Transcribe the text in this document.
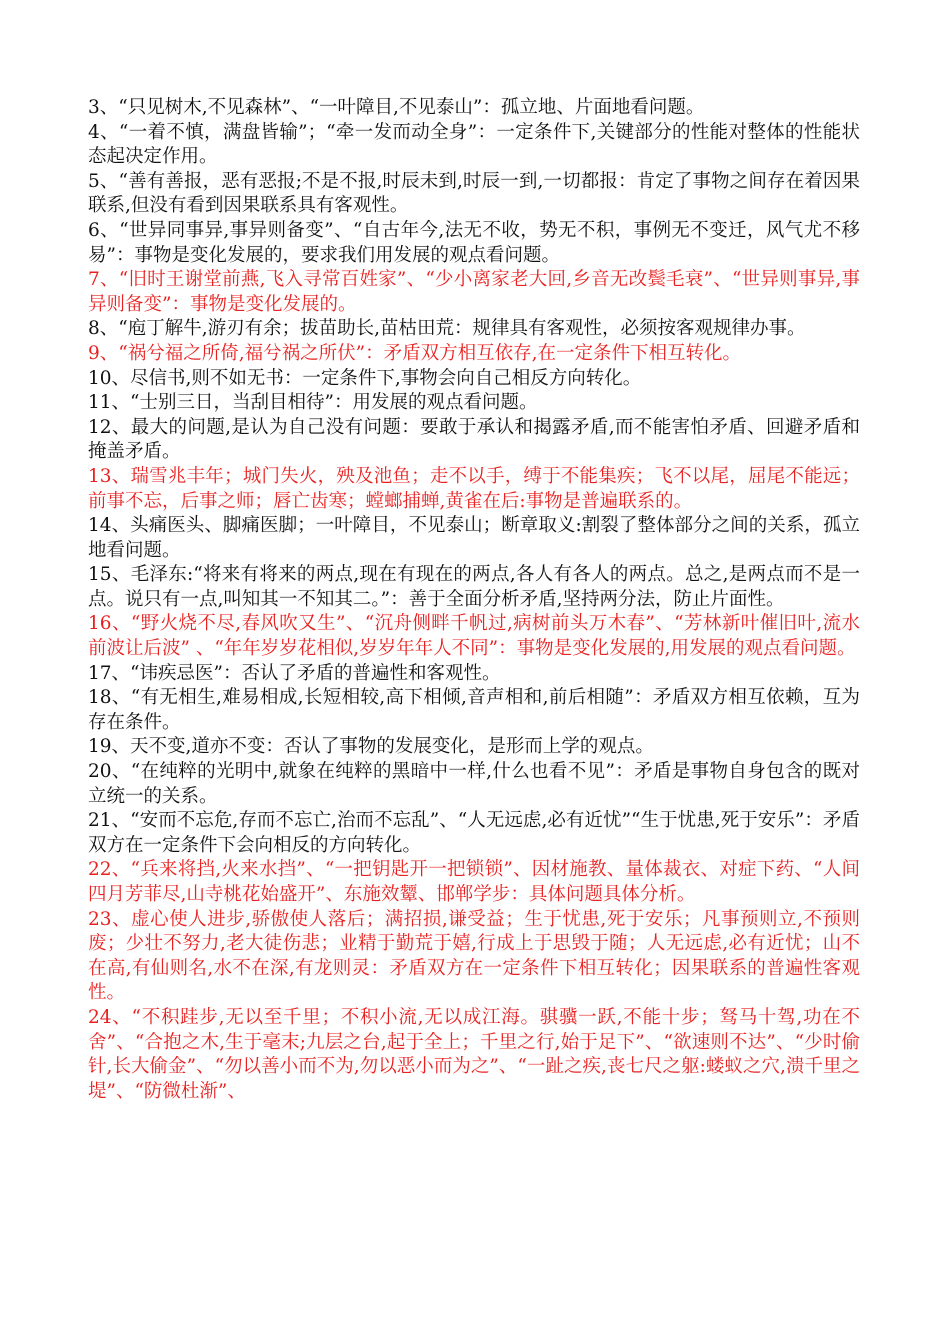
3、“只见树木,不见森林”、“一叶障目,不见泰山”：孤立地、片面地看问题。

4、“一着不慎，满盘皆输”；“牵一发而动全身”：一定条件下,关键部分的性能对整体的性能状态起决定作用。

5、“善有善报，恶有恶报;不是不报,时辰未到,时辰一到,一切都报：肯定了事物之间存在着因果联系,但没有看到因果联系具有客观性。

6、“世异同事异,事异则备变”、“自古年今,法无不收，势无不积，事例无不变迁，风气尤不移易”：事物是变化发展的，要求我们用发展的观点看问题。

7、“旧时王谢堂前燕,飞入寻常百姓家”、“少小离家老大回,乡音无改鬓毛衰”、“世异则事异,事异则备变”：事物是变化发展的。

8、“庖丁解牛,游刃有余；拔苗助长,苗枯田荒：规律具有客观性，必须按客观规律办事。

9、“祸兮福之所倚,福兮祸之所伏”：矛盾双方相互依存,在一定条件下相互转化。

10、尽信书,则不如无书：一定条件下,事物会向自己相反方向转化。

11、“士别三日，当刮目相待”：用发展的观点看问题。

12、最大的问题,是认为自己没有问题：要敢于承认和揭露矛盾,而不能害怕矛盾、回避矛盾和掩盖矛盾。

13、瑞雪兆丰年；城门失火，殃及池鱼；走不以手，缚于不能集疾；飞不以尾，屈尾不能远；前事不忘，后事之师；唇亡齿寒；螳螂捕蝉,黄雀在后:事物是普遍联系的。

14、头痛医头、脚痛医脚；一叶障目，不见泰山；断章取义:割裂了整体部分之间的关系，孤立地看问题。

15、毛泽东:“将来有将来的两点,现在有现在的两点,各人有各人的两点。总之,是两点而不是一点。说只有一点,叫知其一不知其二。”：善于全面分析矛盾,坚持两分法，防止片面性。

16、“野火烧不尽,春风吹又生”、“沉舟侧畔千帆过,病树前头万木春”、“芳林新叶催旧叶,流水前波让后波” 、“年年岁岁花相似,岁岁年年人不同”：事物是变化发展的,用发展的观点看问题。

17、“讳疾忌医”：否认了矛盾的普遍性和客观性。

18、“有无相生,难易相成,长短相较,高下相倾,音声相和,前后相随”：矛盾双方相互依赖，互为存在条件。

19、天不变,道亦不变：否认了事物的发展变化，是形而上学的观点。

20、“在纯粹的光明中,就象在纯粹的黑暗中一样,什么也看不见”：矛盾是事物自身包含的既对立统一的关系。

21、“安而不忘危,存而不忘亡,治而不忘乱”、“人无远虑,必有近忧”“生于忧患,死于安乐”：矛盾双方在一定条件下会向相反的方向转化。

22、“兵来将挡,火来水挡”、“一把钥匙开一把锁锁”、因材施教、量体裁衣、对症下药、“人间四月芳菲尽,山寺桃花始盛开”、东施效颦、邯郸学步：具体问题具体分析。

23、虚心使人进步,骄傲使人落后；满招损,谦受益；生于忧患,死于安乐；凡事预则立,不预则废；少壮不努力,老大徒伤悲；业精于勤荒于嬉,行成上于思毁于随；人无远虑,必有近忧；山不在高,有仙则名,水不在深,有龙则灵：矛盾双方在一定条件下相互转化；因果联系的普遍性客观性。

24、“不积跬步,无以至千里；不积小流,无以成江海。骐骥一跃,不能十步；驽马十驾,功在不舍”、“合抱之木,生于毫末;九层之台,起于全上；千里之行,始于足下”、“欲速则不达”、“少时偷针,长大偷金”、“勿以善小而不为,勿以恶小而为之”、“一趾之疾,丧七尺之躯:蝼蚁之穴,溃千里之堤”、“防微杜渐”、
